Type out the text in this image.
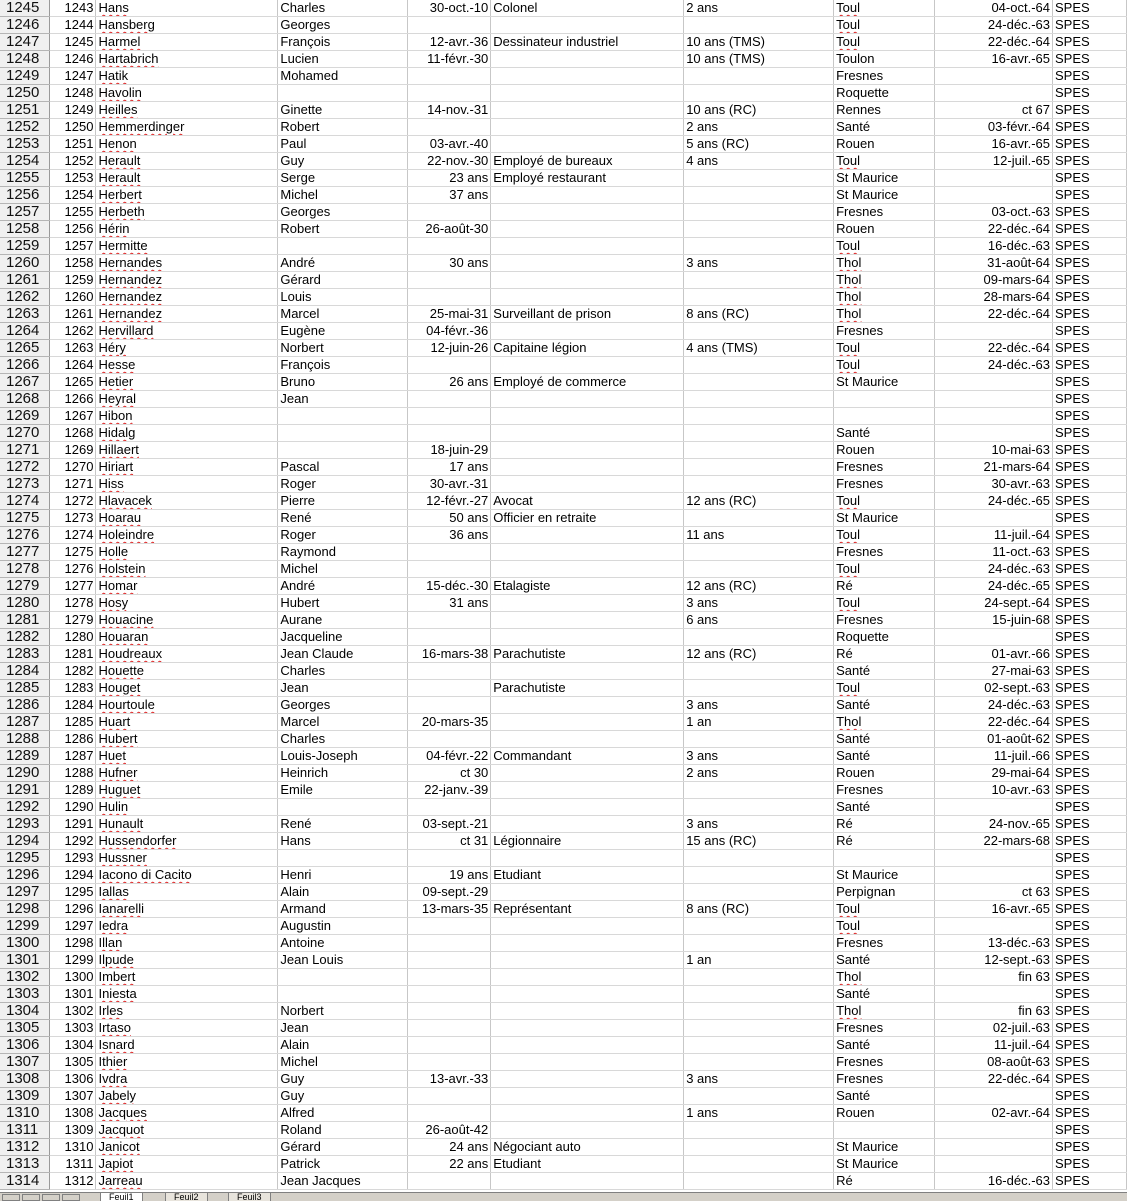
1245	1243	Hans	Charles	30-oct.-10	Colonel	2 ans	Toul	04-oct.-64	SPES
1246	1244	Hansberg	Georges				Toul	24-déc.-63	SPES
1247	1245	Harmel	François	12-avr.-36	Dessinateur industriel	10 ans (TMS)	Toul	22-déc.-64	SPES
1248	1246	Hartabrich	Lucien	11-févr.-30		10 ans (TMS)	Toulon	16-avr.-65	SPES
1249	1247	Hatik	Mohamed				Fresnes		SPES
1250	1248	Havolin					Roquette		SPES
1251	1249	Heilles	Ginette	14-nov.-31		10 ans (RC)	Rennes	ct 67	SPES
1252	1250	Hemmerdinger	Robert			2 ans	Santé	03-févr.-64	SPES
1253	1251	Henon	Paul	03-avr.-40		5 ans (RC)	Rouen	16-avr.-65	SPES
1254	1252	Herault	Guy	22-nov.-30	Employé de bureaux	4 ans	Toul	12-juil.-65	SPES
1255	1253	Herault	Serge	23 ans	Employé restaurant		St Maurice		SPES
1256	1254	Herbert	Michel	37 ans			St Maurice		SPES
1257	1255	Herbeth	Georges				Fresnes	03-oct.-63	SPES
1258	1256	Hérin	Robert	26-août-30			Rouen	22-déc.-64	SPES
1259	1257	Hermitte					Toul	16-déc.-63	SPES
1260	1258	Hernandes	André	30 ans		3 ans	Thol	31-août-64	SPES
1261	1259	Hernandez	Gérard				Thol	09-mars-64	SPES
1262	1260	Hernandez	Louis				Thol	28-mars-64	SPES
1263	1261	Hernandez	Marcel	25-mai-31	Surveillant de prison	8 ans (RC)	Thol	22-déc.-64	SPES
1264	1262	Hervillard	Eugène	04-févr.-36			Fresnes		SPES
1265	1263	Héry	Norbert	12-juin-26	Capitaine légion	4 ans (TMS)	Toul	22-déc.-64	SPES
1266	1264	Hesse	François				Toul	24-déc.-63	SPES
1267	1265	Hetier	Bruno	26 ans	Employé de commerce		St Maurice		SPES
1268	1266	Heyral	Jean						SPES
1269	1267	Hibon							SPES
1270	1268	Hidalg					Santé		SPES
1271	1269	Hillaert		18-juin-29			Rouen	10-mai-63	SPES
1272	1270	Hiriart	Pascal	17 ans			Fresnes	21-mars-64	SPES
1273	1271	Hiss	Roger	30-avr.-31			Fresnes	30-avr.-63	SPES
1274	1272	Hlavacek	Pierre	12-févr.-27	Avocat	12 ans (RC)	Toul	24-déc.-65	SPES
1275	1273	Hoarau	René	50 ans	Officier en retraite		St Maurice		SPES
1276	1274	Holeindre	Roger	36 ans		11 ans	Toul	11-juil.-64	SPES
1277	1275	Holle	Raymond				Fresnes	11-oct.-63	SPES
1278	1276	Holstein	Michel				Toul	24-déc.-63	SPES
1279	1277	Homar	André	15-déc.-30	Etalagiste	12 ans (RC)	Ré	24-déc.-65	SPES
1280	1278	Hosy	Hubert	31 ans		3 ans	Toul	24-sept.-64	SPES
1281	1279	Houacine	Aurane			6 ans	Fresnes	15-juin-68	SPES
1282	1280	Houaran	Jacqueline				Roquette		SPES
1283	1281	Houdreaux	Jean Claude	16-mars-38	Parachutiste	12 ans (RC)	Ré	01-avr.-66	SPES
1284	1282	Houette	Charles				Santé	27-mai-63	SPES
1285	1283	Houget	Jean		Parachutiste		Toul	02-sept.-63	SPES
1286	1284	Hourtoule	Georges			3 ans	Santé	24-déc.-63	SPES
1287	1285	Huart	Marcel	20-mars-35		1 an	Thol	22-déc.-64	SPES
1288	1286	Hubert	Charles				Santé	01-août-62	SPES
1289	1287	Huet	Louis-Joseph	04-févr.-22	Commandant	3 ans	Santé	11-juil.-66	SPES
1290	1288	Hufner	Heinrich	ct 30		2 ans	Rouen	29-mai-64	SPES
1291	1289	Huguet	Emile	22-janv.-39			Fresnes	10-avr.-63	SPES
1292	1290	Hulin					Santé		SPES
1293	1291	Hunault	René	03-sept.-21		3 ans	Ré	24-nov.-65	SPES
1294	1292	Hussendorfer	Hans	ct 31	Légionnaire	15 ans (RC)	Ré	22-mars-68	SPES
1295	1293	Hussner							SPES
1296	1294	Iacono di Cacito	Henri	19 ans	Etudiant		St Maurice		SPES
1297	1295	Iallas	Alain	09-sept.-29			Perpignan	ct 63	SPES
1298	1296	Ianarelli	Armand	13-mars-35	Représentant	8 ans (RC)	Toul	16-avr.-65	SPES
1299	1297	Iedra	Augustin				Toul		SPES
1300	1298	Illan	Antoine				Fresnes	13-déc.-63	SPES
1301	1299	Ilpude	Jean Louis			1 an	Santé	12-sept.-63	SPES
1302	1300	Imbert					Thol	fin 63	SPES
1303	1301	Iniesta					Santé		SPES
1304	1302	Irles	Norbert				Thol	fin 63	SPES
1305	1303	Irtaso	Jean				Fresnes	02-juil.-63	SPES
1306	1304	Isnard	Alain				Santé	11-juil.-64	SPES
1307	1305	Ithier	Michel				Fresnes	08-août-63	SPES
1308	1306	Ivdra	Guy	13-avr.-33		3 ans	Fresnes	22-déc.-64	SPES
1309	1307	Jabely	Guy				Santé		SPES
1310	1308	Jacques	Alfred			1 ans	Rouen	02-avr.-64	SPES
1311	1309	Jacquot	Roland	26-août-42					SPES
1312	1310	Janicot	Gérard	24 ans	Négociant auto		St Maurice		SPES
1313	1311	Japiot	Patrick	22 ans	Etudiant		St Maurice		SPES
1314	1312	Jarreau	Jean Jacques				Ré	16-déc.-63	SPES
Feuil1	Feuil2	Feuil3
